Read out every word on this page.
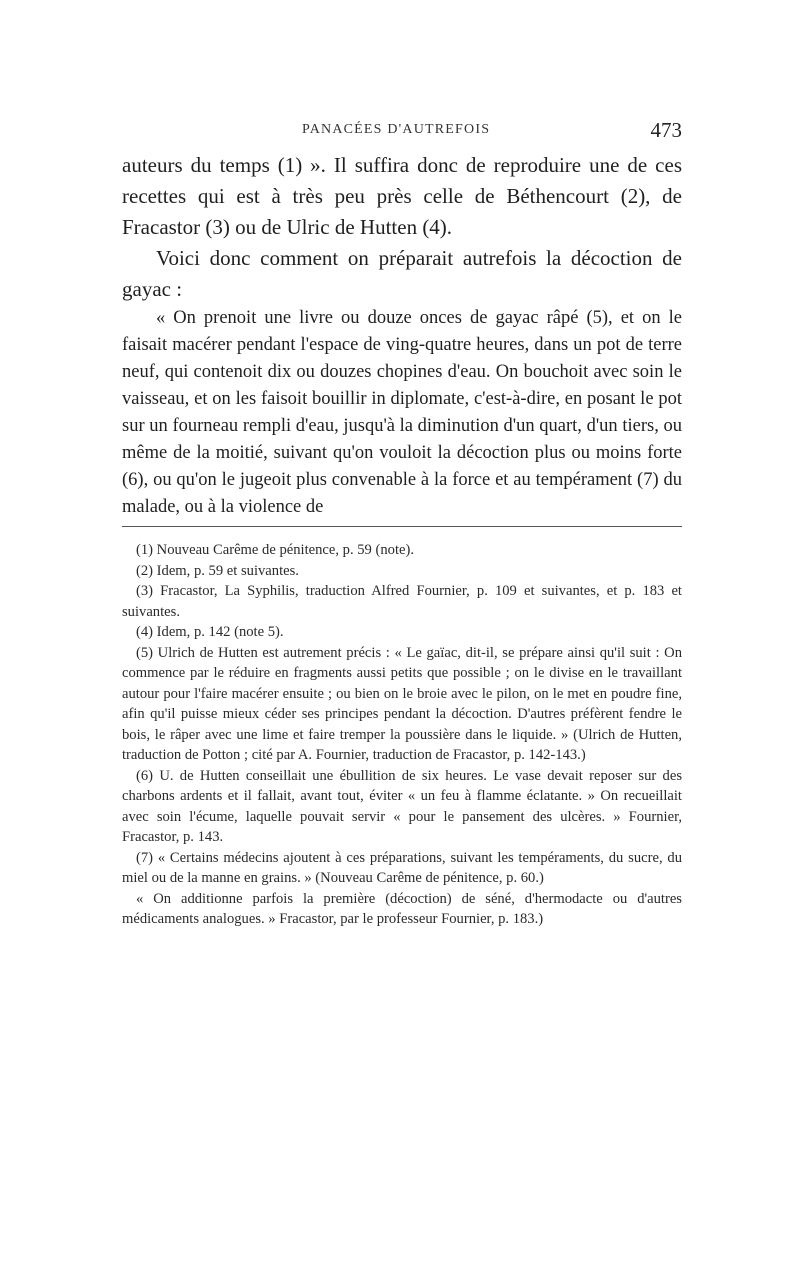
PANACÉES D'AUTREFOIS	473

auteurs du temps (1) ». Il suffira donc de reproduire une de ces recettes qui est à très peu près celle de Béthencourt (2), de Fracastor (3) ou de Ulric de Hutten (4).

Voici donc comment on préparait autrefois la décoction de gayac :

« On prenoit une livre ou douze onces de gayac râpé (5), et on le faisait macérer pendant l'espace de ving-quatre heures, dans un pot de terre neuf, qui contenoit dix ou douzes chopines d'eau. On bouchoit avec soin le vaisseau, et on les faisoit bouillir in diplomate, c'est-à-dire, en posant le pot sur un fourneau rempli d'eau, jusqu'à la diminution d'un quart, d'un tiers, ou même de la moitié, suivant qu'on vouloit la décoction plus ou moins forte (6), ou qu'on le jugeoit plus convenable à la force et au tempérament (7) du malade, ou à la violence de

(1) Nouveau Carême de pénitence, p. 59 (note).

(2) Idem, p. 59 et suivantes.

(3) Fracastor, La Syphilis, traduction Alfred Fournier, p. 109 et suivantes, et p. 183 et suivantes.

(4) Idem, p. 142 (note 5).

(5) Ulrich de Hutten est autrement précis : « Le gaïac, dit-il, se prépare ainsi qu'il suit : On commence par le réduire en fragments aussi petits que possible ; on le divise en le travaillant autour pour l'faire macérer ensuite ; ou bien on le broie avec le pilon, on le met en poudre fine, afin qu'il puisse mieux céder ses principes pendant la décoction. D'autres préfèrent fendre le bois, le râper avec une lime et faire tremper la poussière dans le liquide. » (Ulrich de Hutten, traduction de Potton ; cité par A. Fournier, traduction de Fracastor, p. 142-143.)

(6) U. de Hutten conseillait une ébullition de six heures. Le vase devait reposer sur des charbons ardents et il fallait, avant tout, éviter « un feu à flamme éclatante. » On recueillait avec soin l'écume, laquelle pouvait servir « pour le pansement des ulcères. » Fournier, Fracastor, p. 143.

(7) « Certains médecins ajoutent à ces préparations, suivant les tempéraments, du sucre, du miel ou de la manne en grains. » (Nouveau Carême de pénitence, p. 60.)

« On additionne parfois la première (décoction) de séné, d'hermodacte ou d'autres médicaments analogues. » Fracastor, par le professeur Fournier, p. 183.)
